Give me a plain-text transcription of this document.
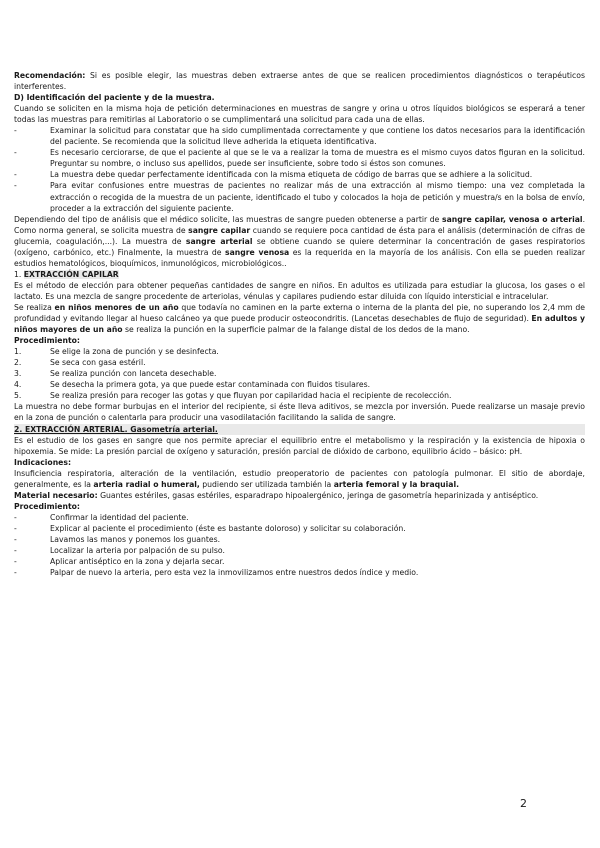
Recomendación: Si es posible elegir, las muestras deben extraerse antes de que se realicen procedimientos diagnósticos o terapéuticos interferentes.

D) Identificación del paciente y de la muestra.

Cuando se soliciten en la misma hoja de petición determinaciones en muestras de sangre y orina u otros líquidos biológicos se esperará a tener todas las muestras para remitirlas al Laboratorio o se cumplimentará una solicitud para cada una de ellas.

-	Examinar la solicitud para constatar que ha sido cumplimentada correctamente y que contiene los datos necesarios para la identificación del paciente. Se recomienda que la solicitud lleve adherida la etiqueta identificativa.
-	Es necesario cerciorarse, de que el paciente al que se le va a realizar la toma de muestra es el mismo cuyos datos figuran en la solicitud. Preguntar su nombre, o incluso sus apellidos, puede ser insuficiente, sobre todo si éstos son comunes.
-	La muestra debe quedar perfectamente identificada con la misma etiqueta de código de barras que se adhiere a la solicitud.
-	Para evitar confusiones entre muestras de pacientes no realizar más de una extracción al mismo tiempo: una vez completada la extracción o recogida de la muestra de un paciente, identificado el tubo y colocados la hoja de petición y muestra/s en la bolsa de envío, proceder a la extracción del siguiente paciente.

Dependiendo del tipo de análisis que el médico solicite, las muestras de sangre pueden obtenerse a partir de sangre capilar, venosa o arterial. Como norma general, se solicita muestra de sangre capilar cuando se requiere poca cantidad de ésta para el análisis (determinación de cifras de glucemia, coagulación,...). La muestra de sangre arterial se obtiene cuando se quiere determinar la concentración de gases respiratorios (oxígeno, carbónico, etc.) Finalmente, la muestra de sangre venosa es la requerida en la mayoría de los análisis. Con ella se pueden realizar estudios hematológicos, bioquímicos, inmunológicos, microbiológicos..

1. EXTRACCIÓN CAPILAR

Es el método de elección para obtener pequeñas cantidades de sangre en niños. En adultos es utilizada para estudiar la glucosa, los gases o el lactato. Es una mezcla de sangre procedente de arteriolas, vénulas y capilares pudiendo estar diluida con líquido intersticial e intracelular.

Se realiza en niños menores de un año que todavía no caminen en la parte externa o interna de la planta del pie, no superando los 2,4 mm de profundidad y evitando llegar al hueso calcáneo ya que puede producir osteocondritis. (Lancetas desechables de flujo de seguridad). En adultos y niños mayores de un año se realiza la punción en la superficie palmar de la falange distal de los dedos de la mano.

Procedimiento:

1.	Se elige la zona de punción y se desinfecta.
2.	Se seca con gasa estéril.
3.	Se realiza punción con lanceta desechable.
4.	Se desecha la primera gota, ya que puede estar contaminada con fluidos tisulares.
5.	Se realiza presión para recoger las gotas y que fluyan por capilaridad hacia el recipiente de recolección.

La muestra no debe formar burbujas en el interior del recipiente, si éste lleva aditivos, se mezcla por inversión. Puede realizarse un masaje previo en la zona de punción o calentarla para producir una vasodilatación facilitando la salida de sangre.

2. EXTRACCIÓN ARTERIAL. Gasometría arterial.

Es el estudio de los gases en sangre que nos permite apreciar el equilibrio entre el metabolismo y la respiración y la existencia de hipoxia o hipoxemia. Se mide: La presión parcial de oxígeno y saturación, presión parcial de dióxido de carbono, equilibrio ácido – básico: pH.

Indicaciones:

Insuficiencia respiratoria, alteración de la ventilación, estudio preoperatorio de pacientes con patología pulmonar. El sitio de abordaje, generalmente, es la arteria radial o humeral, pudiendo ser utilizada también la arteria femoral y la braquial.

Material necesario: Guantes estériles, gasas estériles, esparadrapo hipoalergénico, jeringa de gasometría heparinizada y antiséptico.

Procedimiento:

-	Confirmar la identidad del paciente.
-	Explicar al paciente el procedimiento (éste es bastante doloroso) y solicitar su colaboración.
-	Lavamos las manos y ponemos los guantes.
-	Localizar la arteria por palpación de su pulso.
-	Aplicar antiséptico en la zona y dejarla secar.
-	Palpar de nuevo la arteria, pero esta vez la inmovilizamos entre nuestros dedos índice y medio.
2
